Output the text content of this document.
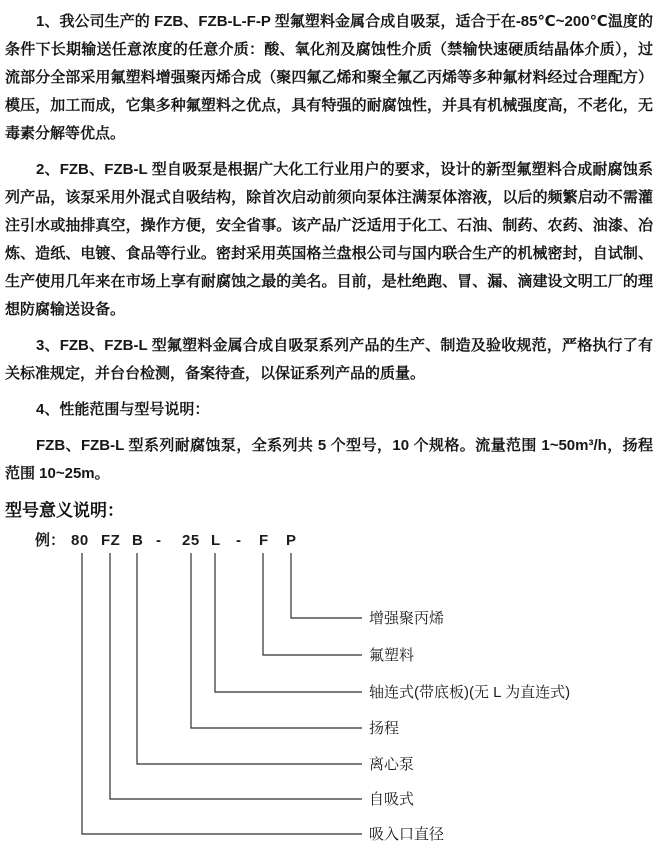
1、我公司生产的 FZB、FZB-L-F-P 型氟塑料金属合成自吸泵，适合于在-85℃~200℃温度的条件下长期输送任意浓度的任意介质：酸、氧化剂及腐蚀性介质（禁输快速硬质结晶体介质），过流部分全部采用氟塑料增强聚丙烯合成（聚四氟乙烯和聚全氟乙丙烯等多种氟材料经过合理配方）模压，加工而成，它集多种氟塑料之优点，具有特强的耐腐蚀性，并具有机械强度高，不老化，无毒素分解等优点。

2、FZB、FZB-L 型自吸泵是根据广大化工行业用户的要求，设计的新型氟塑料合成耐腐蚀系列产品，该泵采用外混式自吸结构，除首次启动前须向泵体注满泵体溶液，以后的频繁启动不需灌注引水或抽排真空，操作方便，安全省事。该产品广泛适用于化工、石油、制药、农药、油漆、冶炼、造纸、电镀、食品等行业。密封采用英国格兰盘根公司与国内联合生产的机械密封，自试制、生产使用几年来在市场上享有耐腐蚀之最的美名。目前，是杜绝跑、冒、漏、滴建设文明工厂的理想防腐输送设备。

3、FZB、FZB-L 型氟塑料金属合成自吸泵系列产品的生产、制造及验收规范，严格执行了有关标准规定，并台台检测，备案待查，以保证系列产品的质量。

4、性能范围与型号说明：

FZB、FZB-L 型系列耐腐蚀泵，全系列共 5 个型号，10 个规格。流量范围 1~50m³/h，扬程范围 10~25m。

型号意义说明：
例： 80 FZ B - 25 L - F P
增强聚丙烯
氟塑料
轴连式(带底板)(无 L 为直连式)
扬程
离心泵
自吸式
吸入口直径
